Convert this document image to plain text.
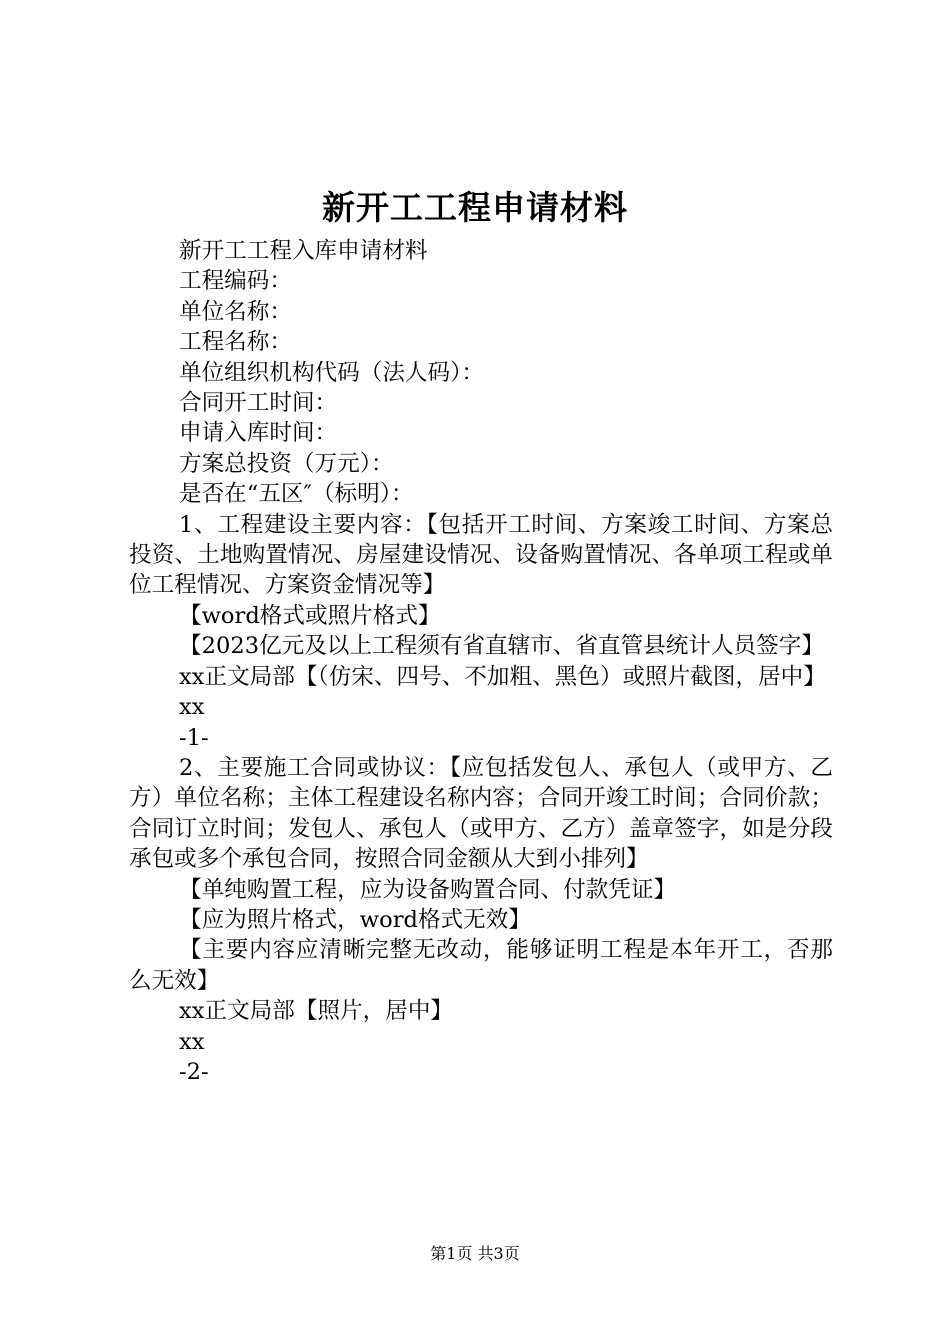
新开工工程申请材料
新开工工程入库申请材料
工程编码：
单位名称：
工程名称：
单位组织机构代码（法人码）：
合同开工时间：
申请入库时间：
方案总投资（万元）：
是否在“五区″（标明）：
1、工程建设主要内容：【包括开工时间、方案竣工时间、方案总投资、土地购置情况、房屋建设情况、设备购置情况、各单项工程或单位工程情况、方案资金情况等】
【word格式或照片格式】
【2023亿元及以上工程须有省直辖市、省直管县统计人员签字】
xx正文局部【（仿宋、四号、不加粗、黑色）或照片截图，居中】
xx
-1-
2、主要施工合同或协议：【应包括发包人、承包人（或甲方、乙方）单位名称；主体工程建设名称内容；合同开竣工时间；合同价款；合同订立时间；发包人、承包人（或甲方、乙方）盖章签字，如是分段承包或多个承包合同，按照合同金额从大到小排列】
【单纯购置工程，应为设备购置合同、付款凭证】
【应为照片格式，word格式无效】
【主要内容应清晰完整无改动，能够证明工程是本年开工，否那么无效】
xx正文局部【照片，居中】
xx
-2-
第1页 共3页
